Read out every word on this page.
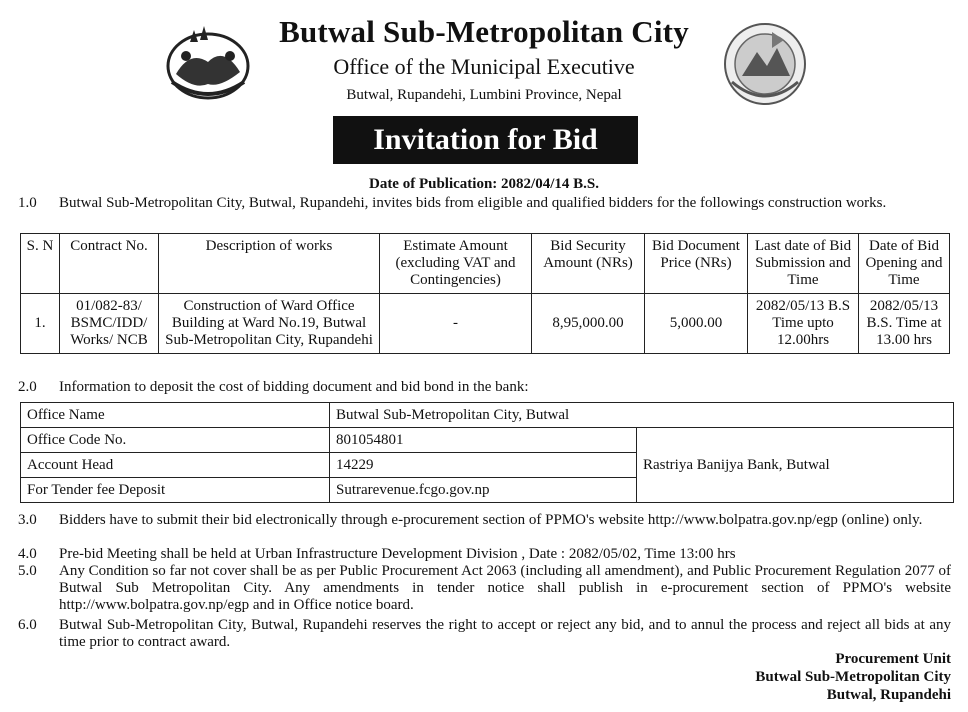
Butwal Sub-Metropolitan City
Office of the Municipal Executive
Butwal, Rupandehi, Lumbini Province, Nepal
Invitation for Bid
Date of Publication: 2082/04/14 B.S.
1.0 Butwal Sub-Metropolitan City, Butwal, Rupandehi, invites bids from eligible and qualified bidders for the followings construction works.
S. N	Contract No.	Description of works	Estimate Amount (excluding VAT and Contingencies)	Bid Security Amount (NRs)	Bid Document Price (NRs)	Last date of Bid Submission and Time	Date of Bid Opening and Time
1.	01/082-83/ BSMC/IDD/ Works/ NCB	Construction of Ward Office Building at Ward No.19, Butwal Sub-Metropolitan City, Rupandehi	-	8,95,000.00	5,000.00	2082/05/13 B.S Time upto 12.00hrs	2082/05/13 B.S. Time at 13.00 hrs
2.0 Information to deposit the cost of bidding document and bid bond in the bank:
Office Name	Butwal Sub-Metropolitan City, Butwal	
Office Code No.	801054801	Rastriya Banijya Bank, Butwal
Account Head	14229	
For Tender fee Deposit	Sutrarevenue.fcgo.gov.np	
3.0 Bidders have to submit their bid electronically through e-procurement section of PPMO's website http://www.bolpatra.gov.np/egp (online) only.
4.0 Pre-bid Meeting shall be held at Urban Infrastructure Development Division , Date : 2082/05/02, Time 13:00 hrs
5.0 Any Condition so far not cover shall be as per Public Procurement Act 2063 (including all amendment), and Public Procurement Regulation 2077 of Butwal Sub Metropolitan City. Any amendments in tender notice shall publish in e-procurement section of PPMO's website http://www.bolpatra.gov.np/egp and in Office notice board.
6.0 Butwal Sub-Metropolitan City, Butwal, Rupandehi reserves the right to accept or reject any bid, and to annul the process and reject all bids at any time prior to contract award.
Procurement Unit
Butwal Sub-Metropolitan City
Butwal, Rupandehi
